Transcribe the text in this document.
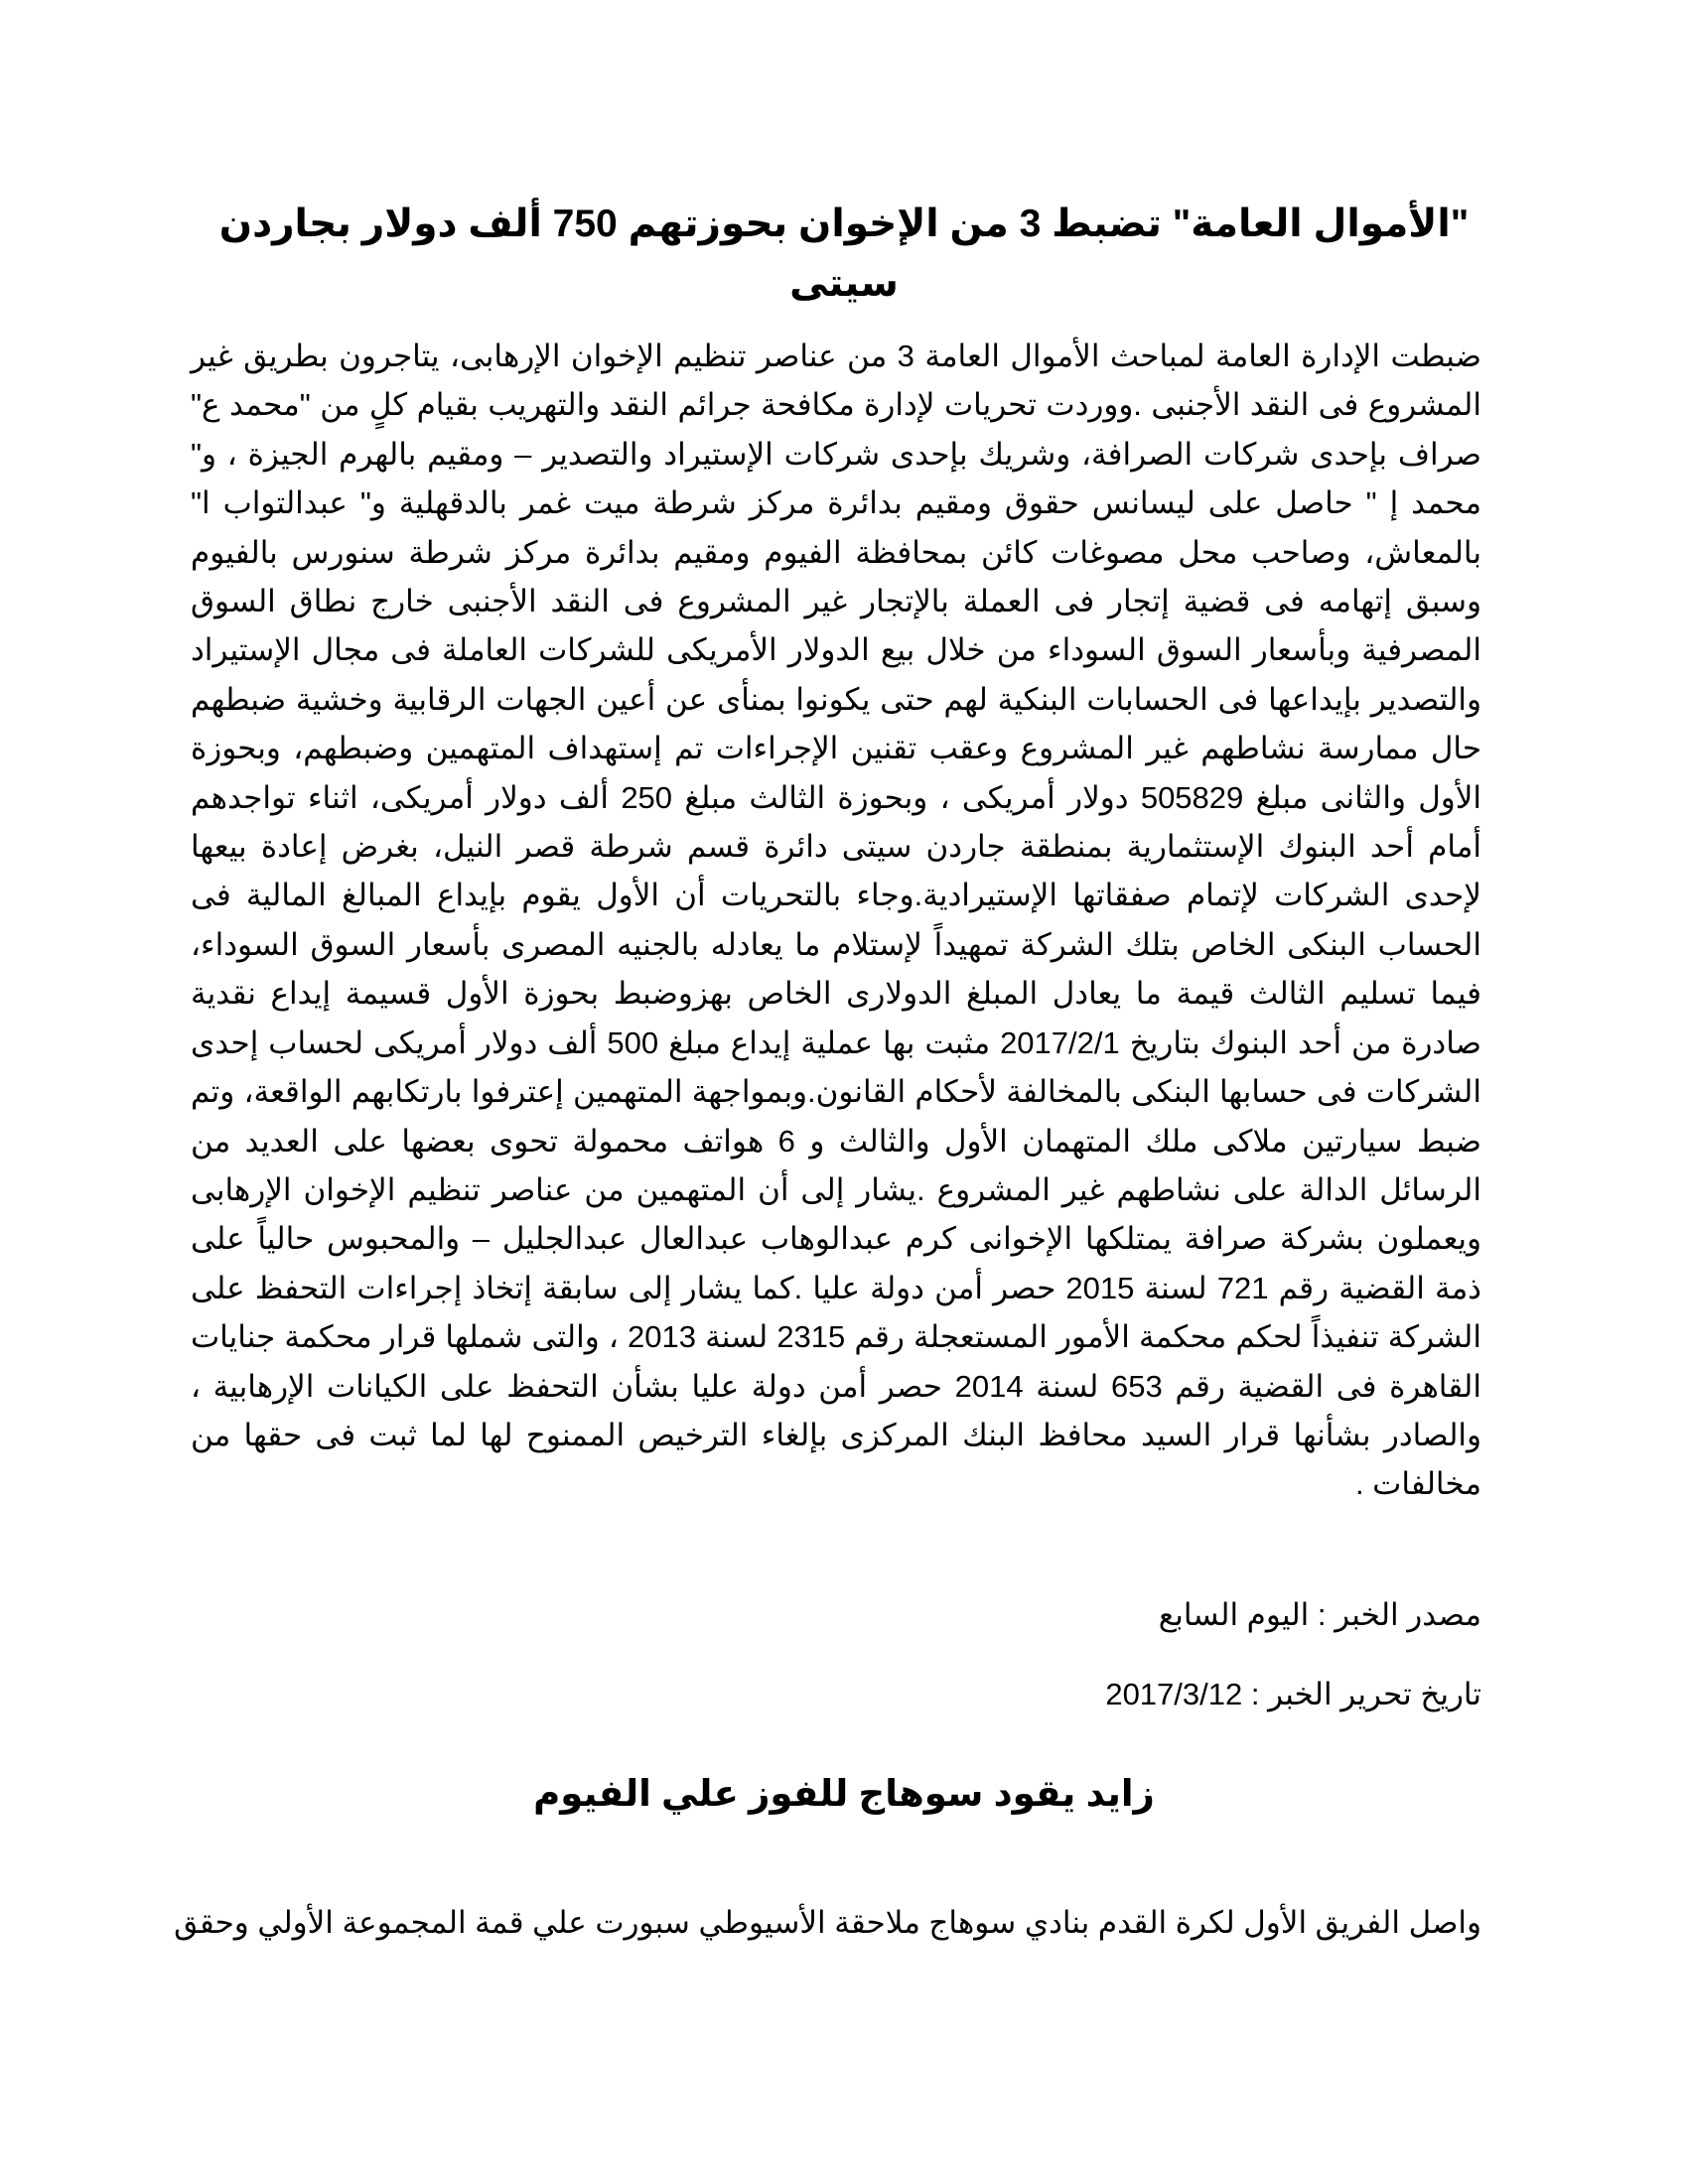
"الأموال العامة" تضبط 3 من الإخوان بحوزتهم 750 ألف دولار بجاردن سيتى

ضبطت الإدارة العامة لمباحث الأموال العامة 3 من عناصر تنظيم الإخوان الإرهابى، يتاجرون بطريق غير المشروع فى النقد الأجنبى .ووردت تحريات لإدارة مكافحة جرائم النقد والتهريب بقيام كلٍ من "محمد ع" صراف بإحدى شركات الصرافة، وشريك بإحدى شركات الإستيراد والتصدير – ومقيم بالهرم الجيزة ، و" محمد إ " حاصل على ليسانس حقوق ومقيم بدائرة مركز شرطة ميت غمر بالدقهلية و" عبدالتواب ا" بالمعاش، وصاحب محل مصوغات كائن بمحافظة الفيوم ومقيم بدائرة مركز شرطة سنورس بالفيوم وسبق إتهامه فى قضية إتجار فى العملة بالإتجار غير المشروع فى النقد الأجنبى خارج نطاق السوق المصرفية وبأسعار السوق السوداء من خلال بيع الدولار الأمريكى للشركات العاملة فى مجال الإستيراد والتصدير بإيداعها فى الحسابات البنكية لهم حتى يكونوا بمنأى عن أعين الجهات الرقابية وخشية ضبطهم حال ممارسة نشاطهم غير المشروع وعقب تقنين الإجراءات تم إستهداف المتهمين وضبطهم، وبحوزة الأول والثانى مبلغ 505829 دولار أمريكى ، وبحوزة الثالث مبلغ 250 ألف دولار أمريكى، اثناء تواجدهم أمام أحد البنوك الإستثمارية بمنطقة جاردن سيتى دائرة قسم شرطة قصر النيل، بغرض إعادة بيعها لإحدى الشركات لإتمام صفقاتها الإستيرادية.وجاء بالتحريات أن الأول يقوم بإيداع المبالغ المالية فى الحساب البنكى الخاص بتلك الشركة تمهيداً لإستلام ما يعادله بالجنيه المصرى بأسعار السوق السوداء، فيما تسليم الثالث قيمة ما يعادل المبلغ الدولارى الخاص بهزوضبط بحوزة الأول قسيمة إيداع نقدية صادرة من أحد البنوك بتاريخ 2017/2/1 مثبت بها عملية إيداع مبلغ 500 ألف دولار أمريكى لحساب إحدى الشركات فى حسابها البنكى بالمخالفة لأحكام القانون.وبمواجهة المتهمين إعترفوا بارتكابهم الواقعة، وتم ضبط سيارتين ملاكى ملك المتهمان الأول والثالث و 6 هواتف محمولة تحوى بعضها على العديد من الرسائل الدالة على نشاطهم غير المشروع .يشار إلى أن المتهمين من عناصر تنظيم الإخوان الإرهابى ويعملون بشركة صرافة يمتلكها الإخوانى كرم عبدالوهاب عبدالعال عبدالجليل – والمحبوس حالياً على ذمة القضية رقم 721 لسنة 2015 حصر أمن دولة عليا .كما يشار إلى سابقة إتخاذ إجراءات التحفظ على الشركة تنفيذاً لحكم محكمة الأمور المستعجلة رقم 2315 لسنة 2013 ، والتى شملها قرار محكمة جنايات القاهرة فى القضية رقم 653 لسنة 2014 حصر أمن دولة عليا بشأن التحفظ على الكيانات الإرهابية ، والصادر بشأنها قرار السيد محافظ البنك المركزى بإلغاء الترخيص الممنوح لها لما ثبت فى حقها من مخالفات .

مصدر الخبر : اليوم السابع

تاريخ تحرير الخبر : 2017/3/12

زايد يقود سوهاج للفوز علي الفيوم

واصل الفريق الأول لكرة القدم بنادي سوهاج ملاحقة الأسيوطي سبورت علي قمة المجموعة الأولي وحقق
